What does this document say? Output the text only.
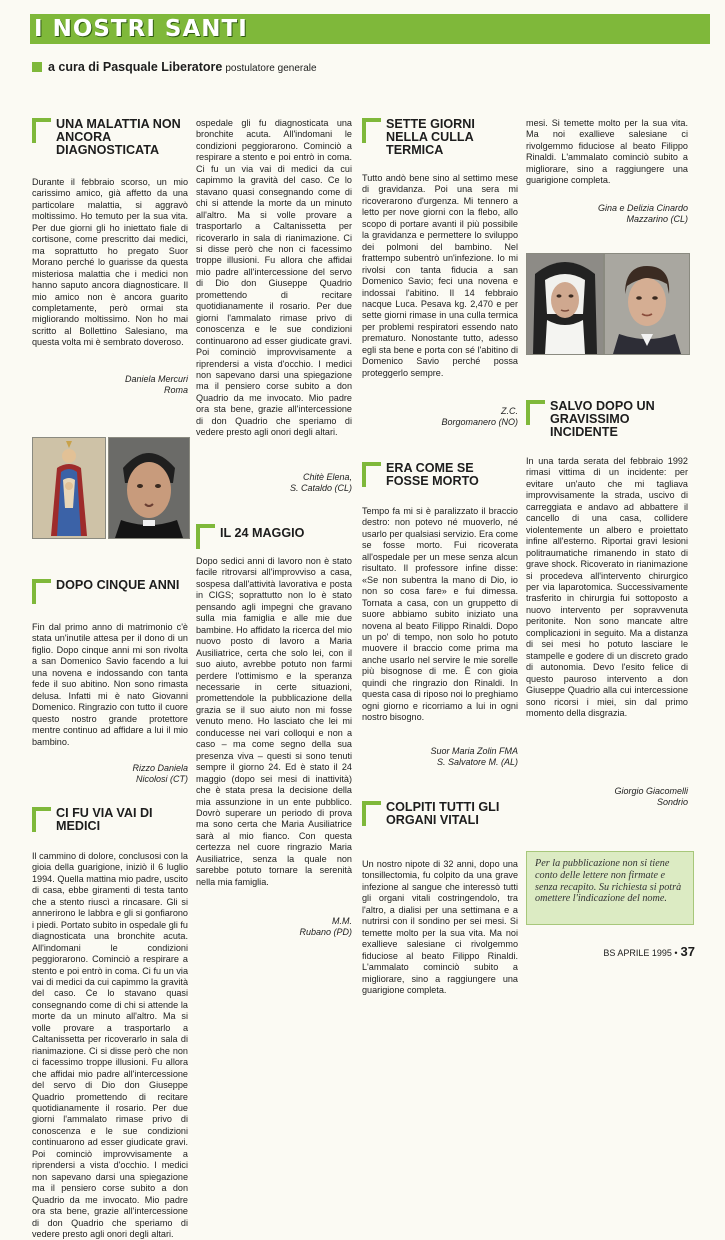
I NOSTRI SANTI
a cura di Pasquale Liberatore postulatore generale
UNA MALATTIA NON ANCORA DIAGNOSTICATA
Durante il febbraio scorso, un mio carissimo amico, già affetto da una particolare malattia, si aggravò moltissimo. Ho temuto per la sua vita. Per due giorni gli ho iniettato fiale di cortisone, come prescritto dai medici, ma soprattutto ho pregato Suor Morano perché lo guarisse da questa misteriosa malattia che i medici non hanno saputo ancora diagnosticare. Il mio amico non è ancora guarito completamente, però ormai sta migliorando moltissimo. Non ho mai scritto al Bollettino Salesiano, ma questa volta mi è sembrato doveroso.
Daniela Mercuri
Roma
DOPO CINQUE ANNI
Fin dal primo anno di matrimonio c'è stata un'inutile attesa per il dono di un figlio. Dopo cinque anni mi son rivolta a san Domenico Savio facendo a lui una novena e indossando con tanta fede il suo abitino. Non sono rimasta delusa. Infatti mi è nato Giovanni Domenico. Ringrazio con tutto il cuore questo nostro grande protettore mentre continuo ad affidare a lui il mio bambino.
Rizzo Daniela
Nicolosi (CT)
CI FU VIA VAI DI MEDICI
Il cammino di dolore, conclusosi con la gioia della guarigione, iniziò il 6 luglio 1994. Quella mattina mio padre, uscito di casa, ebbe giramenti di testa tanto che a stento riuscì a rincasare. Gli si annerirono le labbra e gli si gonfiarono i piedi. Portato subito in ospedale gli fu diagnosticata una bronchite acuta. All'indomani le condizioni peggiorarono. Cominciò a respirare a stento e poi entrò in coma. Ci fu un via vai di medici da cui capimmo la gravità del caso. Ce lo stavano quasi consegnando come di chi si attende la morte da un minuto all'altro. Ma si volle provare a trasportarlo a Caltanissetta per ricoverarlo in sala di rianimazione. Ci si disse però che non ci facessimo troppe illusioni. Fu allora che affidai mio padre all'intercessione del servo di Dio don Giuseppe Quadrio promettendo di recitare quotidianamente il rosario. Per due giorni l'ammalato rimase privo di conoscenza e le sue condizioni continuarono ad esser giudicate gravi. Poi cominciò improvvisamente a riprendersi a vista d'occhio. I medici non sapevano darsi una spiegazione ma il pensiero corse subito a don Quadrio da me invocato. Mio padre ora sta bene, grazie all'intercessione di don Quadrio che speriamo di vedere presto agli onori degli altari.
ospedale gli fu diagnosticata una bronchite acuta. All'indomani le condizioni peggiorarono. Cominciò a respirare a stento e poi entrò in coma. Ci fu un via vai di medici da cui capimmo la gravità del caso. Ce lo stavano quasi consegnando come di chi si attende la morte da un minuto all'altro. Ma si volle provare a trasportarlo a Caltanissetta per ricoverarlo in sala di rianimazione. Ci si disse però che non ci facessimo troppe illusioni. Fu allora che affidai mio padre all'intercessione del servo di Dio don Giuseppe Quadrio promettendo di recitare quotidianamente il rosario. Per due giorni l'ammalato rimase privo di conoscenza e le sue condizioni continuarono ad esser giudicate gravi. Poi cominciò improvvisamente a riprendersi a vista d'occhio. I medici non sapevano darsi una spiegazione ma il pensiero corse subito a don Quadrio da me invocato. Mio padre ora sta bene, grazie all'intercessione di don Quadrio che speriamo di vedere presto agli onori degli altari.
Chitè Elena,
S. Cataldo (CL)
IL 24 MAGGIO
Dopo sedici anni di lavoro non è stato facile ritrovarsi all'improvviso a casa, sospesa dall'attività lavorativa e posta in CIGS; soprattutto non lo è stato pensando agli impegni che gravano sulla mia famiglia e alle mie due bambine. Ho affidato la ricerca del mio nuovo posto di lavoro a Maria Ausiliatrice, certa che solo lei, con il suo aiuto, avrebbe potuto non farmi perdere l'ottimismo e la speranza necessarie in certe situazioni, promettendole la pubblicazione della grazia se il suo aiuto non mi fosse venuto meno. Ho lasciato che lei mi conducesse nei vari colloqui e non a caso – ma come segno della sua presenza viva – questi si sono tenuti sempre il giorno 24. Ed è stato il 24 maggio (dopo sei mesi di inattività) che è stata presa la decisione della mia assunzione in un ente pubblico. Dovrò superare un periodo di prova ma sono certa che Maria Ausiliatrice sarà al mio fianco. Con questa certezza nel cuore ringrazio Maria Ausiliatrice, senza la quale non sarebbe potuto tornare la serenità nella mia famiglia.
M.M.
Rubano (PD)
SETTE GIORNI NELLA CULLA TERMICA
Tutto andò bene sino al settimo mese di gravidanza. Poi una sera mi ricoverarono d'urgenza. Mi tennero a letto per nove giorni con la flebo, allo scopo di portare avanti il più possibile la gravidanza e permettere lo sviluppo dei polmoni del bambino. Nel frattempo subentrò un'infezione. Io mi rivolsi con tanta fiducia a san Domenico Savio; feci una novena e indossai l'abitino. Il 14 febbraio nacque Luca. Pesava kg. 2,470 e per sette giorni rimase in una culla termica per problemi respiratori essendo nato prematuro. Nonostante tutto, adesso egli sta bene e porta con sé l'abitino di Domenico Savio perché possa proteggerlo sempre.
Z.C.
Borgomanero (NO)
ERA COME SE FOSSE MORTO
Tempo fa mi si è paralizzato il braccio destro: non potevo né muoverlo, né usarlo per qualsiasi servizio. Era come se fosse morto. Fui ricoverata all'ospedale per un mese senza alcun risultato. Il professore infine disse: «Se non subentra la mano di Dio, io non so cosa fare» e fui dimessa. Tornata a casa, con un gruppetto di suore abbiamo subito iniziato una novena al beato Filippo Rinaldi. Dopo un po' di tempo, non solo ho potuto muovere il braccio come prima ma anche usarlo nel servire le mie sorelle più bisognose di me. È con gioia quindi che ringrazio don Rinaldi. In questa casa di riposo noi lo preghiamo ogni giorno e ricorriamo a lui in ogni nostro bisogno.
Suor Maria Zolin FMA
S. Salvatore M. (AL)
COLPITI TUTTI GLI ORGANI VITALI
Un nostro nipote di 32 anni, dopo una tonsillectomia, fu colpito da una grave infezione al sangue che interessò tutti gli organi vitali costringendolo, tra l'altro, a dialisi per una settimana e a nutrirsi con il sondino per sei mesi. Si temette molto per la sua vita. Ma noi exallieve salesiane ci rivolgemmo fiduciose al beato Filippo Rinaldi. L'ammalato cominciò subito a migliorare, sino a raggiungere una guarigione completa.
mesi. Si temette molto per la sua vita. Ma noi exallieve salesiane ci rivolgemmo fiduciose al beato Filippo Rinaldi. L'ammalato cominciò subito a migliorare, sino a raggiungere una guarigione completa.
Gina e Delizia Cinardo
Mazzarino (CL)
SALVO DOPO UN GRAVISSIMO INCIDENTE
In una tarda serata del febbraio 1992 rimasi vittima di un incidente: per evitare un'auto che mi tagliava improvvisamente la strada, uscivo di carreggiata e andavo ad abbattere il cancello di una casa, collidere violentemente un albero e proiettato infine all'esterno. Riportai gravi lesioni politraumatiche rimanendo in stato di grave shock. Ricoverato in rianimazione si procedeva all'intervento chirurgico per via laparotomica. Successivamente trasferito in chirurgia fui sottoposto a nuovo intervento per sopravvenuta peritonite. Non sono mancate altre complicazioni in seguito. Ma a distanza di sei mesi ho potuto lasciare le stampelle e godere di un discreto grado di autonomia. Devo l'esito felice di questo pauroso intervento a don Giuseppe Quadrio alla cui intercessione sono ricorsi i miei, sin dal primo momento della disgrazia.
Giorgio Giacomelli
Sondrio
Per la pubblicazione non si tiene conto delle lettere non firmate e senza recapito. Su richiesta si potrà omettere l'indicazione del nome.
BS APRILE 1995 • 37
